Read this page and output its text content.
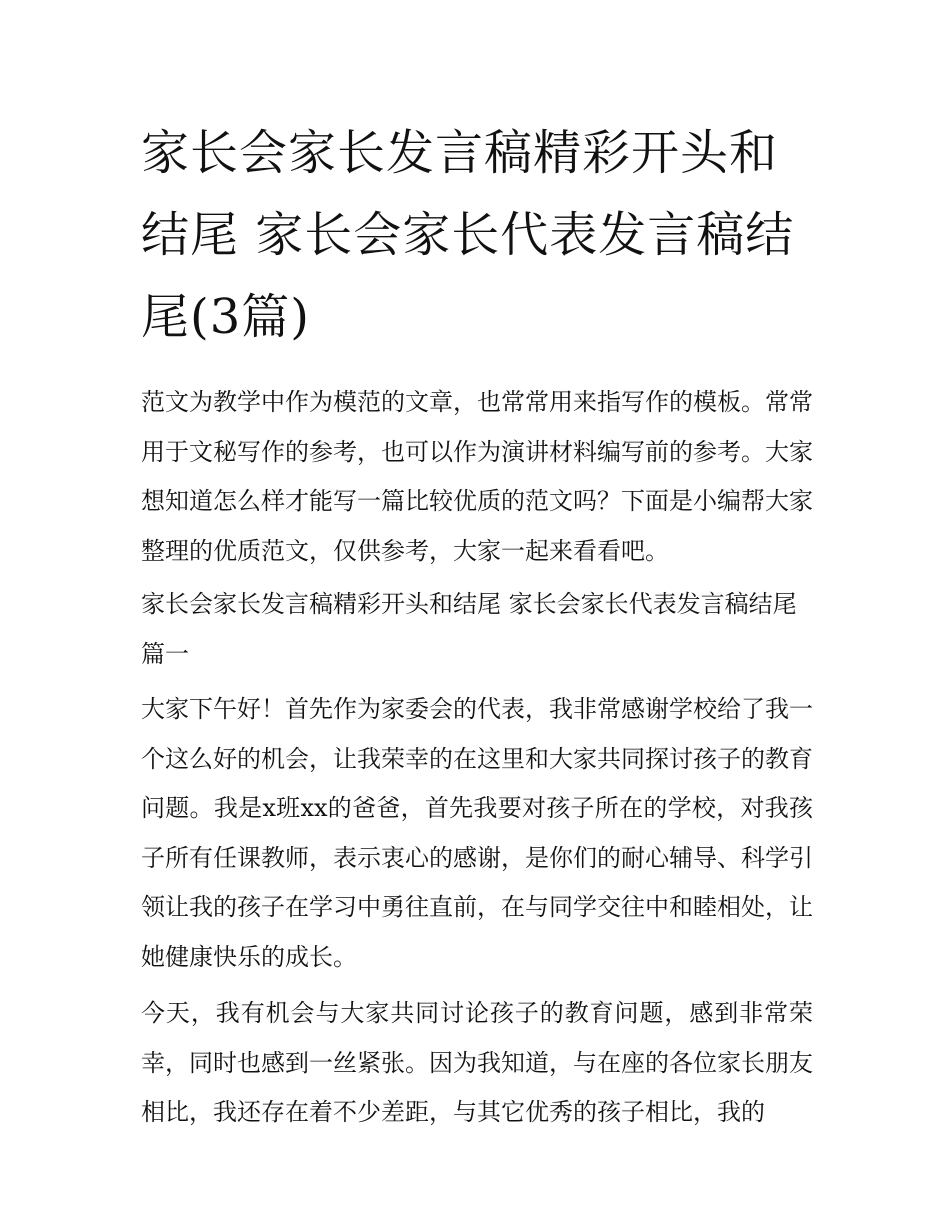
家长会家长发言稿精彩开头和结尾 家长会家长代表发言稿结尾(3篇)

范文为教学中作为模范的文章，也常常用来指写作的模板。常常用于文秘写作的参考，也可以作为演讲材料编写前的参考。大家想知道怎么样才能写一篇比较优质的范文吗？下面是小编帮大家整理的优质范文，仅供参考，大家一起来看看吧。

家长会家长发言稿精彩开头和结尾 家长会家长代表发言稿结尾篇一

大家下午好！首先作为家委会的代表，我非常感谢学校给了我一个这么好的机会，让我荣幸的在这里和大家共同探讨孩子的教育问题。我是x班xx的爸爸，首先我要对孩子所在的学校，对我孩子所有任课教师，表示衷心的感谢，是你们的耐心辅导、科学引领让我的孩子在学习中勇往直前，在与同学交往中和睦相处，让她健康快乐的成长。

今天，我有机会与大家共同讨论孩子的教育问题，感到非常荣幸，同时也感到一丝紧张。因为我知道，与在座的各位家长朋友相比，我还存在着不少差距，与其它优秀的孩子相比，我的
